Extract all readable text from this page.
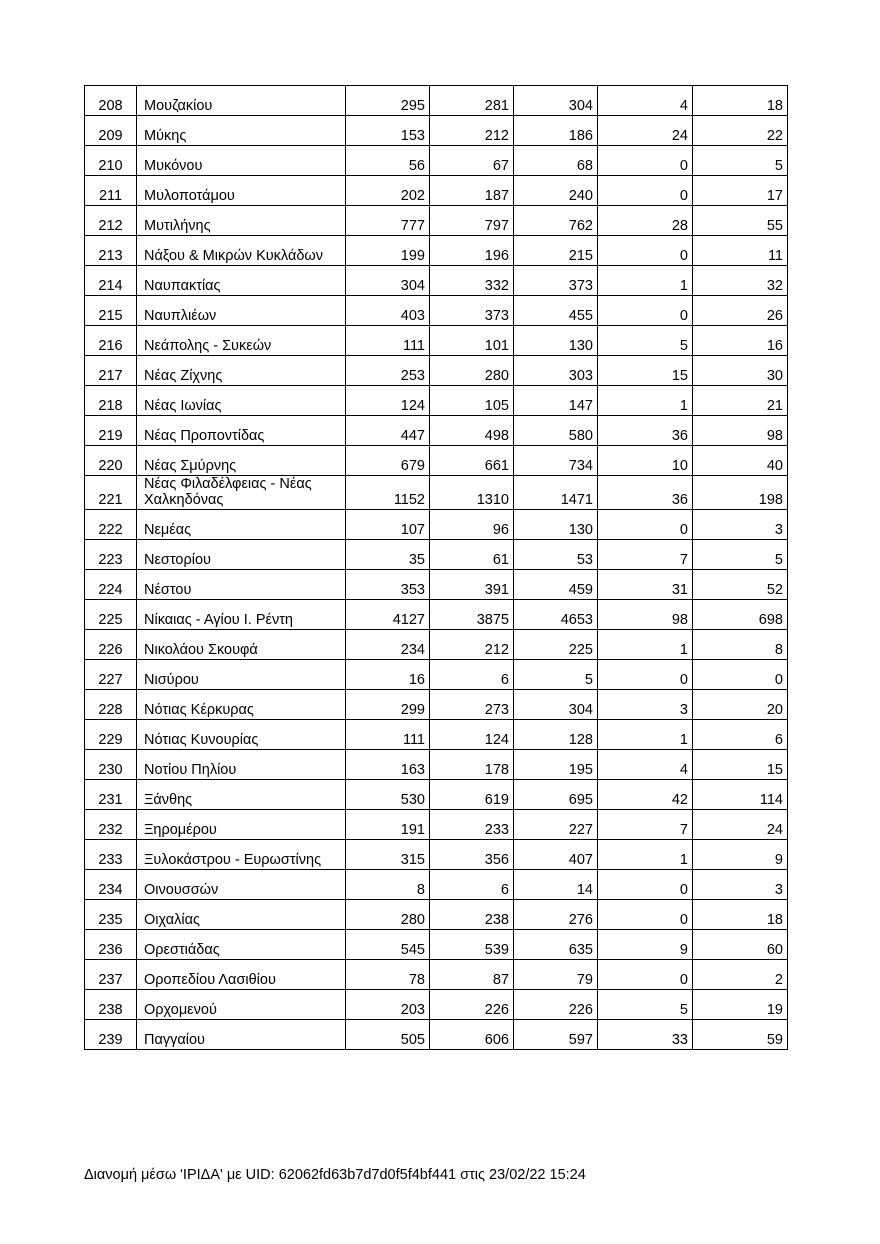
208	Μουζακίου	295	281	304	4	18
209	Μύκης	153	212	186	24	22
210	Μυκόνου	56	67	68	0	5
211	Μυλοποτάμου	202	187	240	0	17
212	Μυτιλήνης	777	797	762	28	55
213	Νάξου & Μικρών Κυκλάδων	199	196	215	0	11
214	Ναυπακτίας	304	332	373	1	32
215	Ναυπλιέων	403	373	455	0	26
216	Νεάπολης - Συκεών	111	101	130	5	16
217	Νέας Ζίχνης	253	280	303	15	30
218	Νέας Ιωνίας	124	105	147	1	21
219	Νέας Προποντίδας	447	498	580	36	98
220	Νέας Σμύρνης	679	661	734	10	40
221	Νέας Φιλαδέλφειας - Νέας Χαλκηδόνας	1152	1310	1471	36	198
222	Νεμέας	107	96	130	0	3
223	Νεστορίου	35	61	53	7	5
224	Νέστου	353	391	459	31	52
225	Νίκαιας - Αγίου Ι. Ρέντη	4127	3875	4653	98	698
226	Νικολάου Σκουφά	234	212	225	1	8
227	Νισύρου	16	6	5	0	0
228	Νότιας Κέρκυρας	299	273	304	3	20
229	Νότιας Κυνουρίας	111	124	128	1	6
230	Νοτίου Πηλίου	163	178	195	4	15
231	Ξάνθης	530	619	695	42	114
232	Ξηρομέρου	191	233	227	7	24
233	Ξυλοκάστρου - Ευρωστίνης	315	356	407	1	9
234	Οινουσσών	8	6	14	0	3
235	Οιχαλίας	280	238	276	0	18
236	Ορεστιάδας	545	539	635	9	60
237	Οροπεδίου Λασιθίου	78	87	79	0	2
238	Ορχομενού	203	226	226	5	19
239	Παγγαίου	505	606	597	33	59
Διανομή μέσω 'ΙΡΙΔΑ' με UID: 62062fd63b7d7d0f5f4bf441 στις 23/02/22 15:24
